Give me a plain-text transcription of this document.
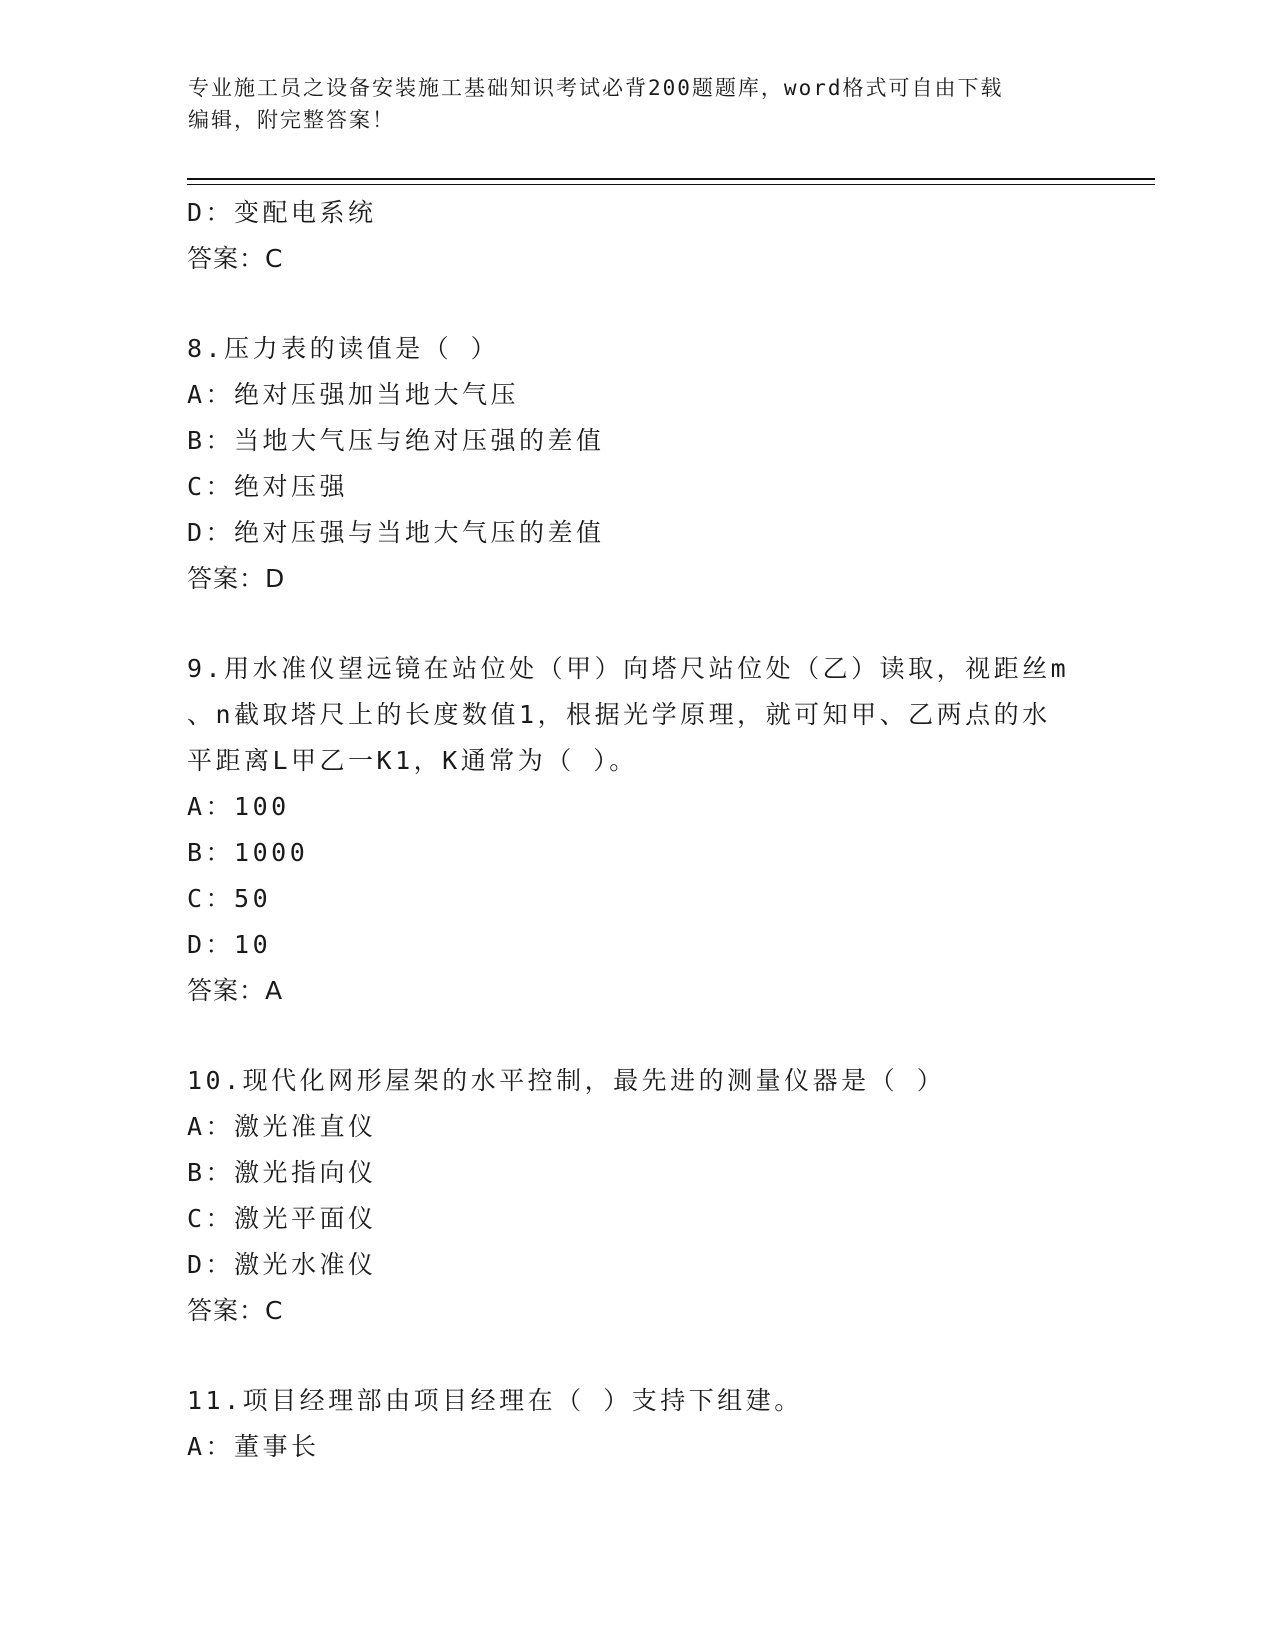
专业施工员之设备安装施工基础知识考试必背200题题库，word格式可自由下载
编辑，附完整答案！
D：变配电系统
答案：C
8.压力表的读值是（ ）
A：绝对压强加当地大气压
B：当地大气压与绝对压强的差值
C：绝对压强
D：绝对压强与当地大气压的差值
答案：D
9.用水准仪望远镜在站位处（甲）向塔尺站位处（乙）读取，视距丝m
、n截取塔尺上的长度数值1，根据光学原理，就可知甲、乙两点的水
平距离L甲乙一K1，K通常为（ ）。
A：100
B：1000
C：50
D：10
答案：A
10.现代化网形屋架的水平控制，最先进的测量仪器是（ ）
A：激光准直仪
B：激光指向仪
C：激光平面仪
D：激光水准仪
答案：C
11.项目经理部由项目经理在（ ）支持下组建。
A：董事长
